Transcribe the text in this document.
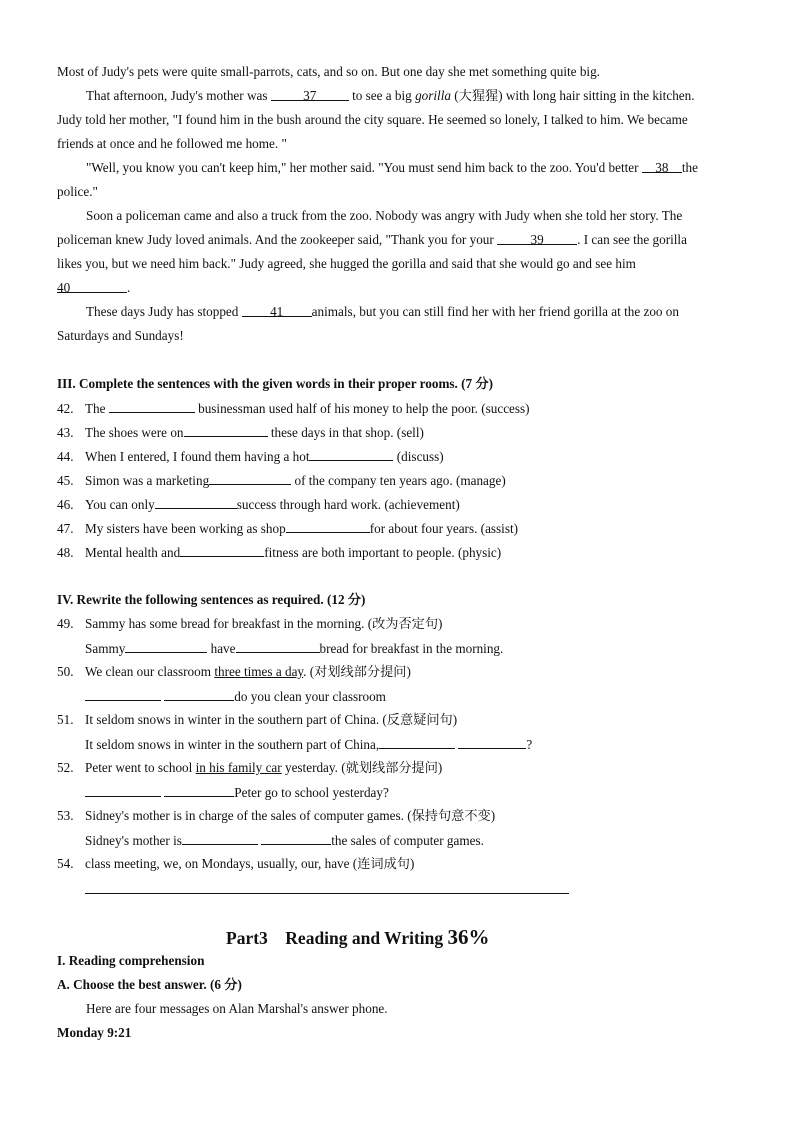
Most of Judy's pets were quite small-parrots, cats, and so on. But one day she met something quite big.
That afternoon, Judy's mother was	37	to see a big gorilla (大猩猩) with long hair sitting in the kitchen.
Judy told her mother, "I found him in the bush around the city square. He seemed so lonely, I talked to him. We became
friends at once and he followed me home. "
"Well, you know you can't keep him," her mother said. "You must send him back to the zoo. You'd better 38 the
police."
Soon a policeman came and also a truck from the zoo. Nobody was angry with Judy when she told her story. The
policeman knew Judy loved animals. And the zookeeper said, "Thank you for your	39	. I can see the gorilla
likes you, but we need him back." Judy agreed, she hugged the gorilla and said that she would go and see him
40	.
These days Judy has stopped 41 animals, but you can still find her with her friend gorilla at the zoo on
Saturdays and Sundays!
III. Complete the sentences with the given words in their proper rooms. (7 分)
42. The	businessman used half of his money to help the poor. (success)
43. The shoes were on	these days in that shop. (sell)
44. When I entered, I found them having a hot	(discuss)
45. Simon was a marketing	of the company ten years ago. (manage)
46. You can only	success through hard work. (achievement)
47. My sisters have been working as shop	for about four years. (assist)
48. Mental health and	fitness are both important to people. (physic)
IV. Rewrite the following sentences as required. (12 分)
49. Sammy has some bread for breakfast in the morning. (改为否定句)
Sammy	have	bread for breakfast in the morning.
50. We clean our classroom three times a day. (对划线部分提问)
do you clean your classroom
51. It seldom snows in winter in the southern part of China. (反意疑问句)
It seldom snows in winter in the southern part of China,	?
52. Peter went to school in his family car yesterday. (就划线部分提问)
Peter go to school yesterday?
53. Sidney's mother is in charge of the sales of computer games. (保持句意不变)
Sidney's mother is	the sales of computer games.
54. class meeting, we, on Mondays, usually, our, have (连词成句)
Part3    Reading and Writing 36%
I. Reading comprehension
A. Choose the best answer. (6 分)
Here are four messages on Alan Marshal's answer phone.
Monday 9:21
